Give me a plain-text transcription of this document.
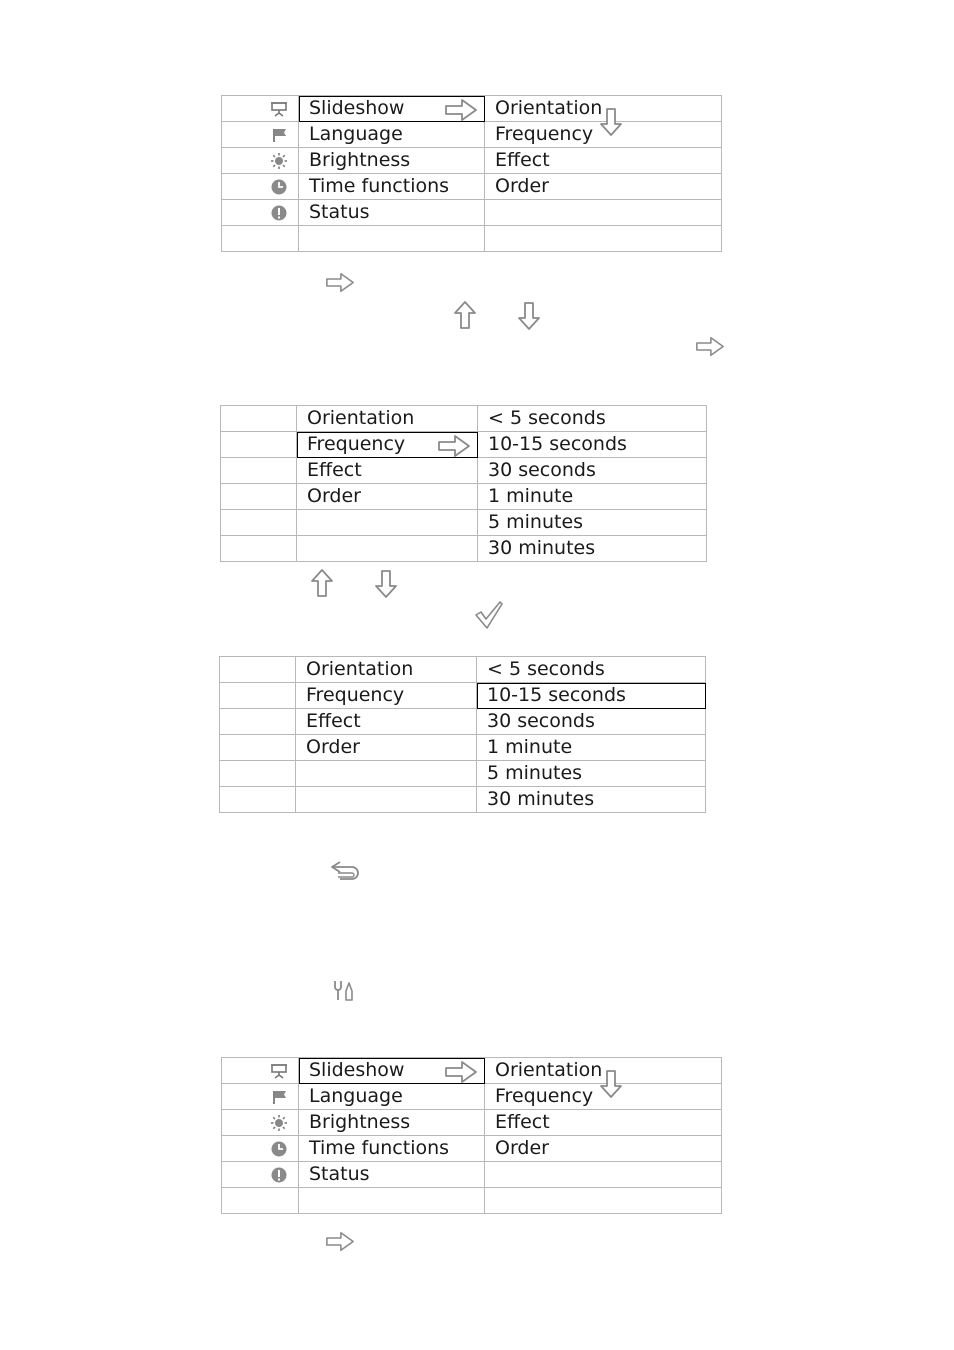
	Slideshow	Orientation

	Language	Frequency
	Brightness	Effect
	Time functions	Order
	Status	

	Orientation	< 5 seconds
	Frequency	10-15 seconds
	Effect	30 seconds
	Order	1 minute
		5 minutes
		30 minutes
	Orientation	< 5 seconds
	Frequency	10-15 seconds
	Effect	30 seconds
	Order	1 minute
		5 minutes
		30 minutes
	Slideshow	Orientation

	Language	Frequency
	Brightness	Effect
	Time functions	Order
	Status	
